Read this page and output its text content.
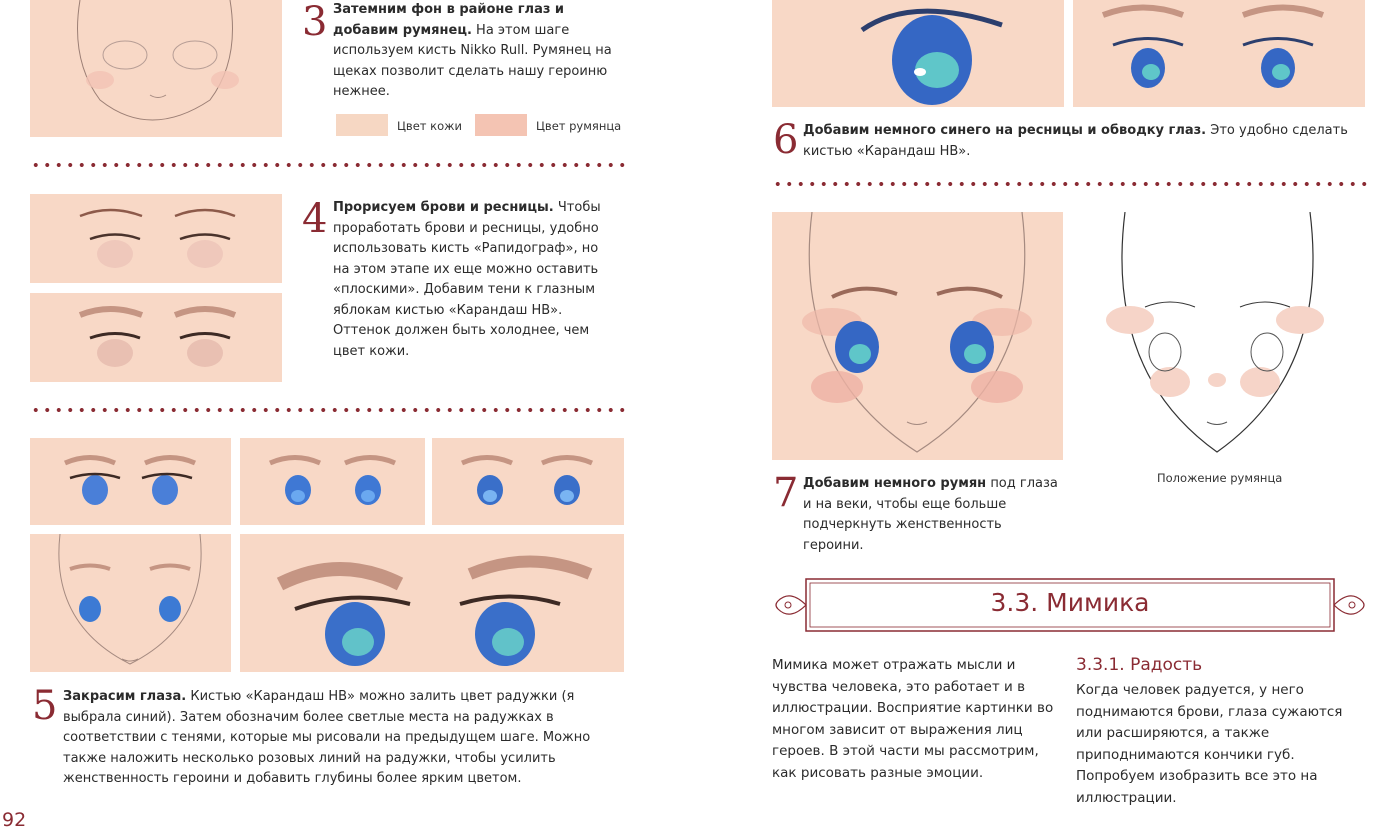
3 Затемним фон в районе глаз и добавим румянец. На этом шаге используем кисть Nikko Rull. Румянец на щеках позволит сделать нашу героиню нежнее.
Цвет кожи	Цвет румянца
4 Прорисуем брови и ресницы. Чтобы проработать брови и ресницы, удобно использовать кисть «Рапидограф», но на этом этапе их еще можно оставить «плоскими». Добавим тени к глазным яблокам кистью «Карандаш НВ». Оттенок должен быть холоднее, чем цвет кожи.
5 Закрасим глаза. Кистью «Карандаш НВ» можно залить цвет радужки (я выбрала синий). Затем обозначим более светлые места на радужках в соответствии с тенями, которые мы рисовали на предыдущем шаге. Можно также наложить несколько розовых линий на радужки, чтобы усилить женственность героини и добавить глубины более ярким цветом.
92
6 Добавим немного синего на ресницы и обводку глаз. Это удобно сделать кистью «Карандаш НВ».
Положение румянца
7 Добавим немного румян под глаза и на веки, чтобы еще больше подчеркнуть женственность героини.
3.3. Мимика
Мимика может отражать мысли и чувства человека, это работает и в иллюстрации. Восприятие картинки во многом зависит от выражения лиц героев. В этой части мы рассмотрим, как рисовать разные эмоции.
3.3.1. Радость
Когда человек радуется, у него поднимаются брови, глаза сужаются или расширяются, а также приподнимаются кончики губ. Попробуем изобразить все это на иллюстрации.
